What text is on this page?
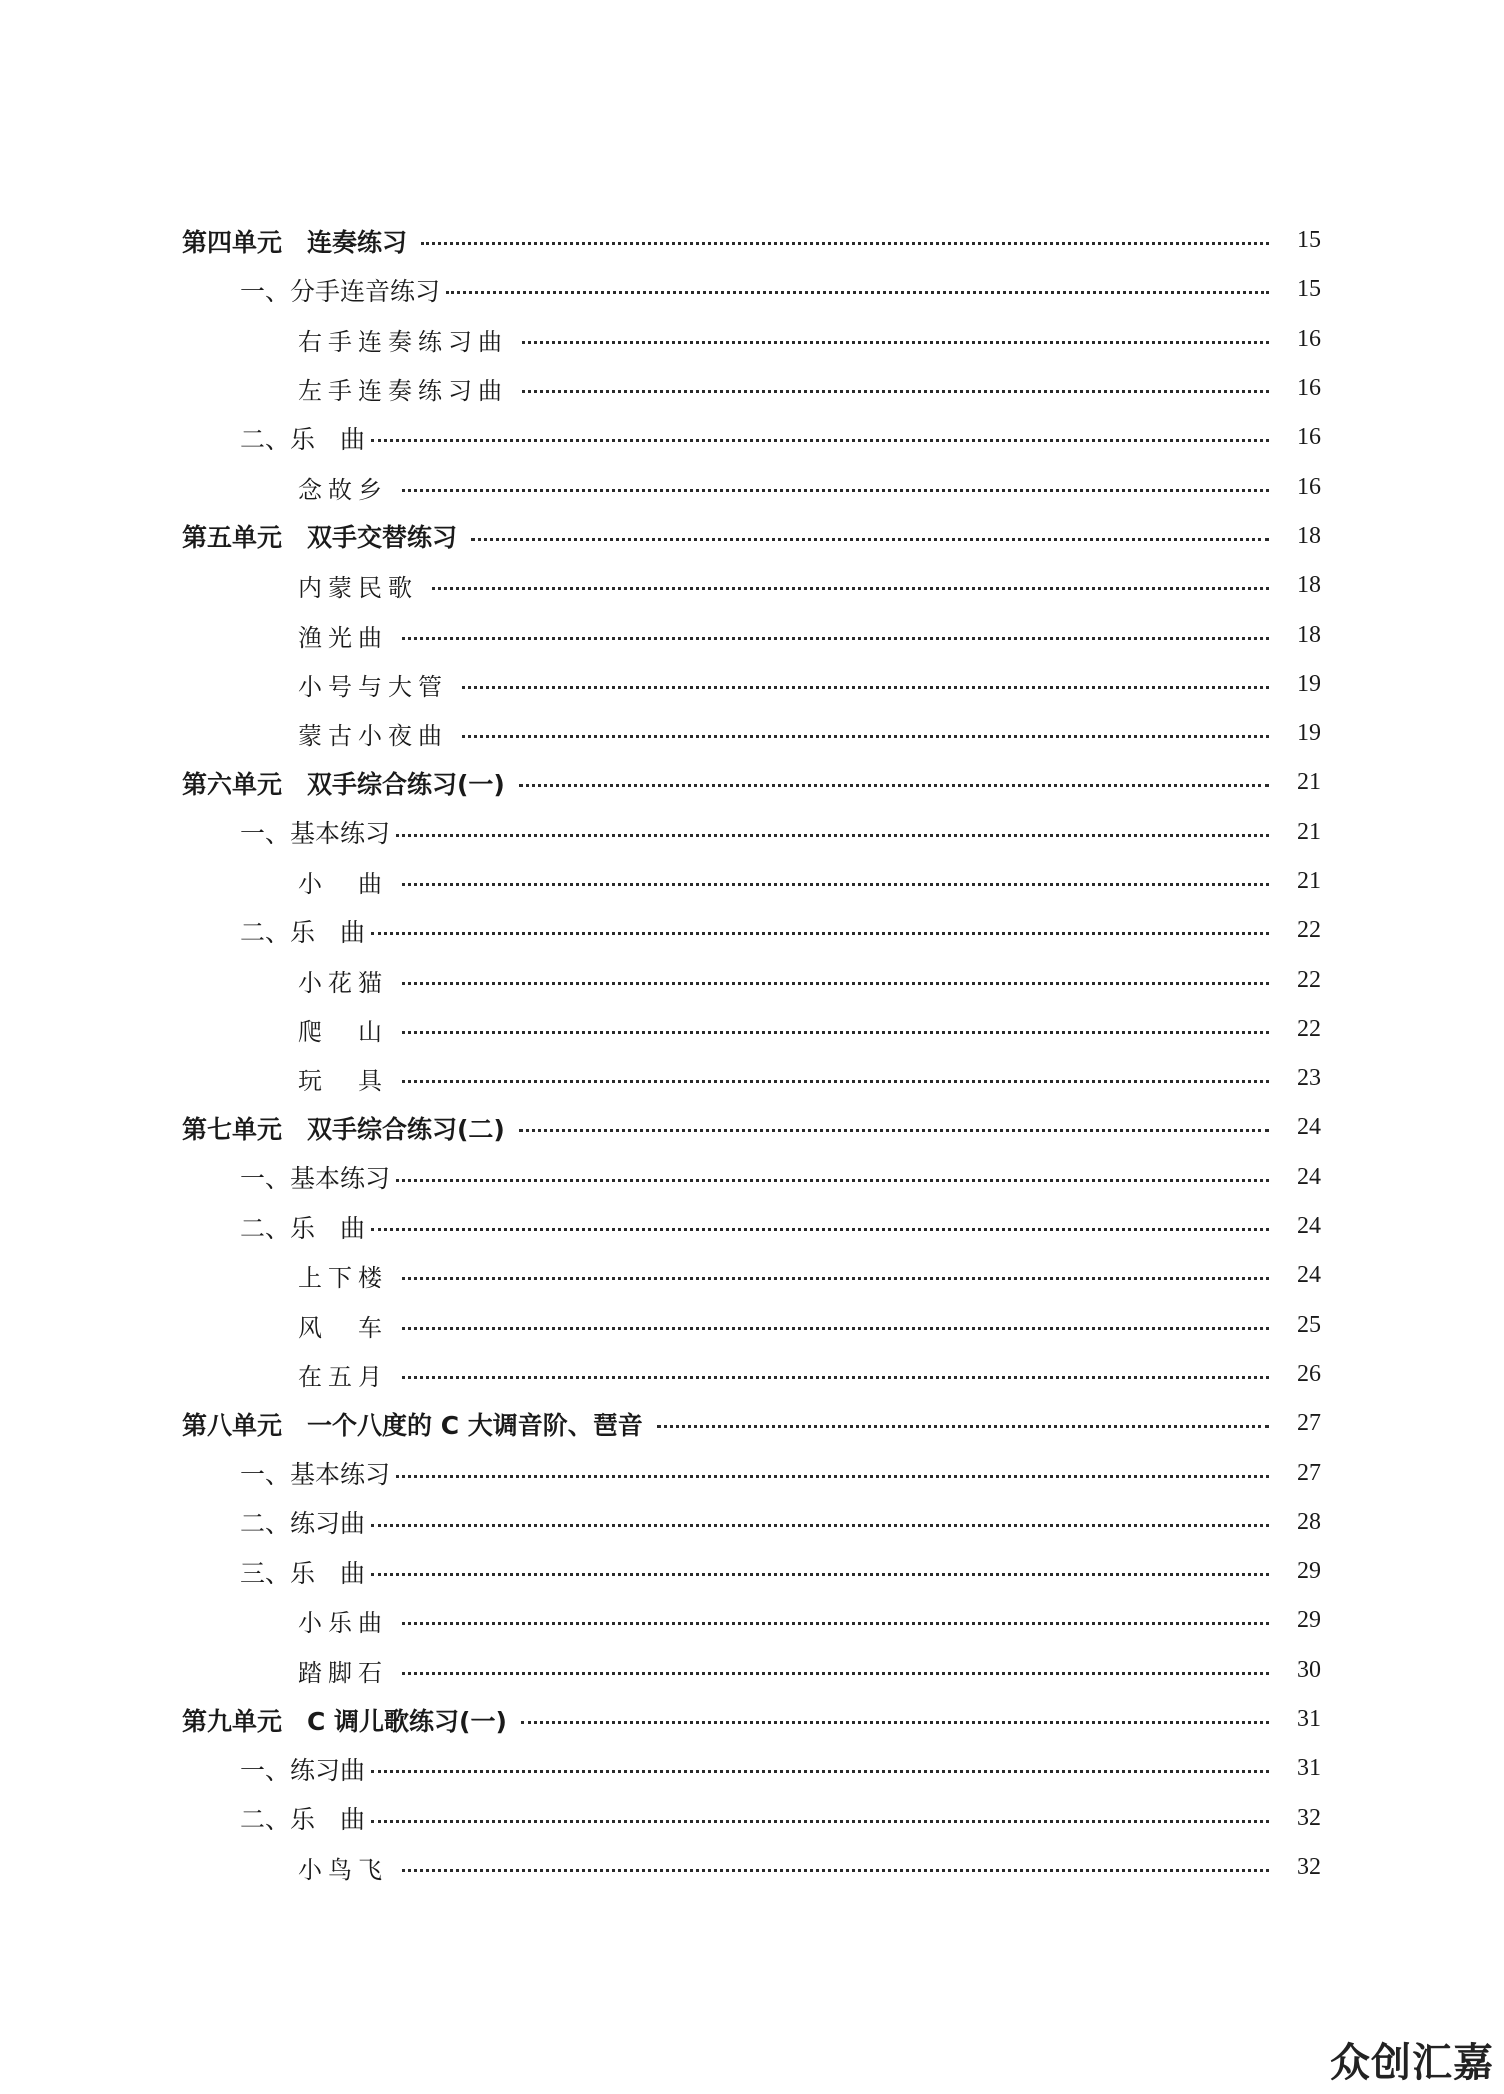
第四单元　连奏练习	15
一、分手连音练习	15
右手连奏练习曲	16
左手连奏练习曲	16
二、乐　曲	16
念故乡	16
第五单元　双手交替练习	18
内蒙民歌	18
渔光曲	18
小号与大管	19
蒙古小夜曲	19
第六单元　双手综合练习(一)	21
一、基本练习	21
小　曲	21
二、乐　曲	22
小花猫	22
爬　山	22
玩　具	23
第七单元　双手综合练习(二)	24
一、基本练习	24
二、乐　曲	24
上下楼	24
风　车	25
在五月	26
第八单元　一个八度的 C 大调音阶、琶音	27
一、基本练习	27
二、练习曲	28
三、乐　曲	29
小乐曲	29
踏脚石	30
第九单元　C 调儿歌练习(一)	31
一、练习曲	31
二、乐　曲	32
小鸟飞	32
众创汇嘉
